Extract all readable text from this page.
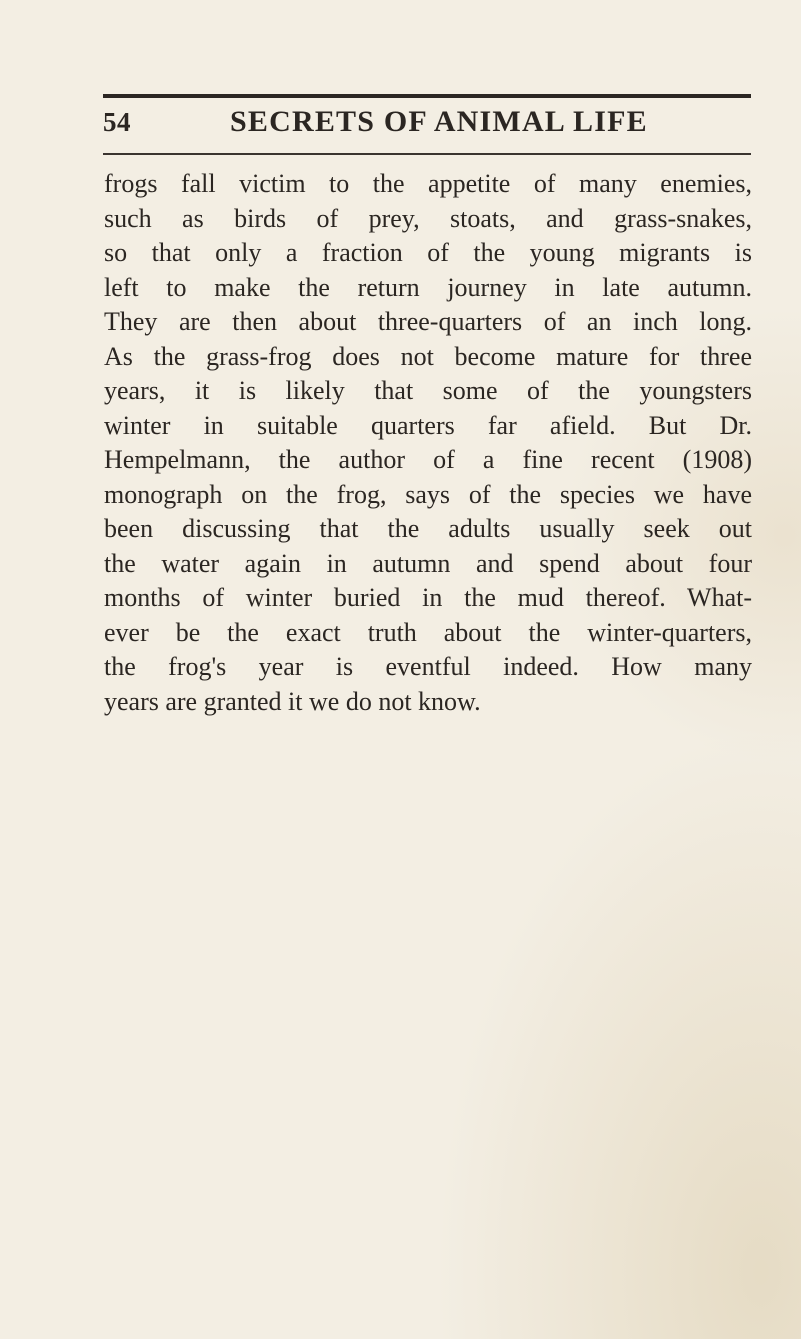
54	SECRETS OF ANIMAL LIFE
frogs fall victim to the appetite of many enemies,
such as birds of prey, stoats, and grass-snakes,
so that only a fraction of the young migrants is
left to make the return journey in late autumn.
They are then about three-quarters of an inch long.
As the grass-frog does not become mature for three
years, it is likely that some of the youngsters
winter in suitable quarters far afield. But Dr.
Hempelmann, the author of a fine recent (1908)
monograph on the frog, says of the species we have
been discussing that the adults usually seek out
the water again in autumn and spend about four
months of winter buried in the mud thereof. What-
ever be the exact truth about the winter-quarters,
the frog's year is eventful indeed. How many
years are granted it we do not know.
